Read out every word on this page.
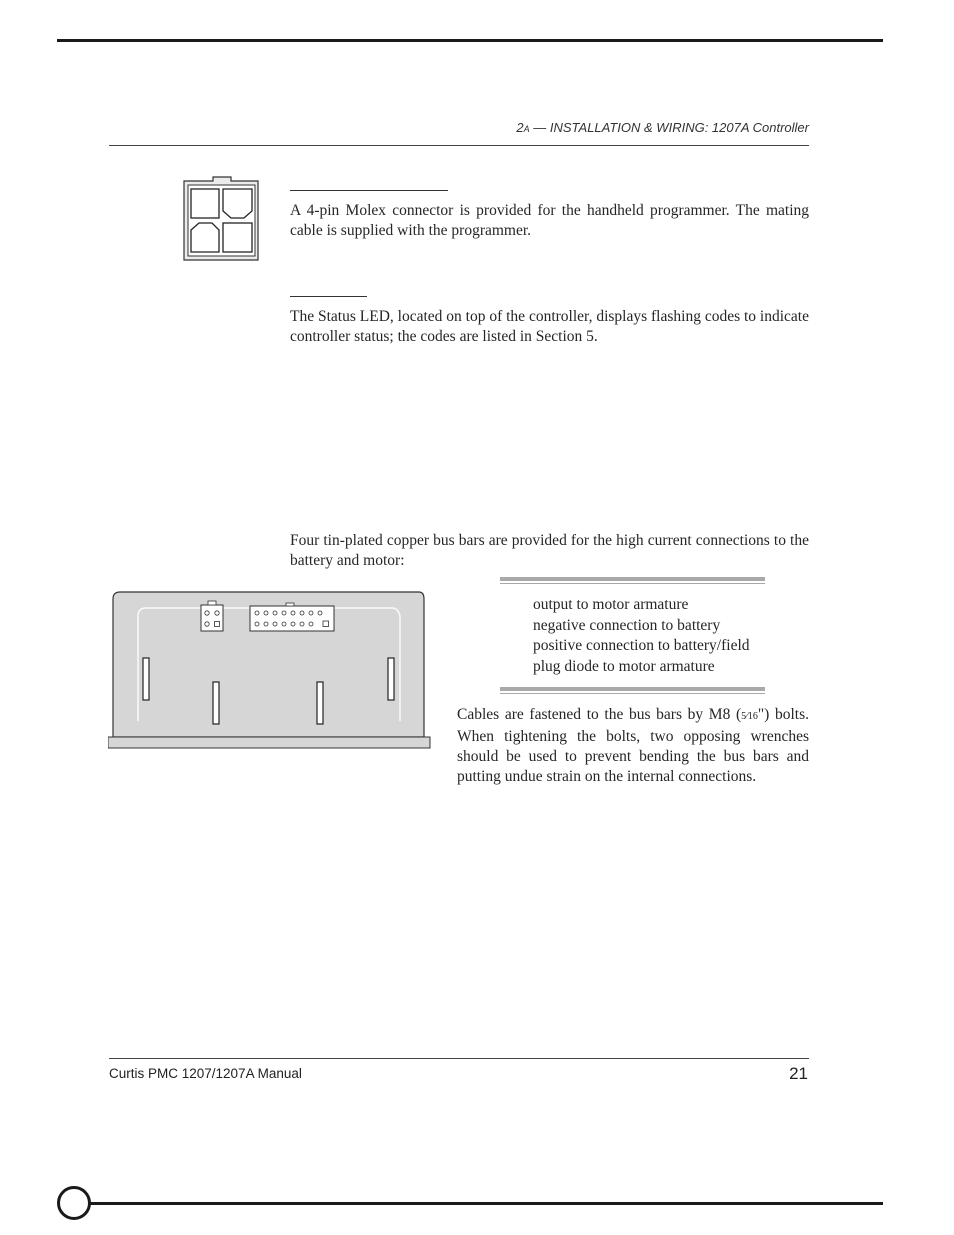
2A — INSTALLATION & WIRING: 1207A Controller
A 4-pin Molex connector is provided for the handheld programmer. The mating cable is supplied with the programmer.
The Status LED, located on top of the controller, displays flashing codes to indicate controller status; the codes are listed in Section 5.
Four tin-plated copper bus bars are provided for the high current connections to the battery and motor:
output to motor armature
negative connection to battery
positive connection to battery/field
plug diode to motor armature
Cables are fastened to the bus bars by M8 (5⁄16") bolts. When tightening the bolts, two opposing wrenches should be used to prevent bending the bus bars and putting undue strain on the internal connections.
Curtis PMC 1207/1207A Manual	21
